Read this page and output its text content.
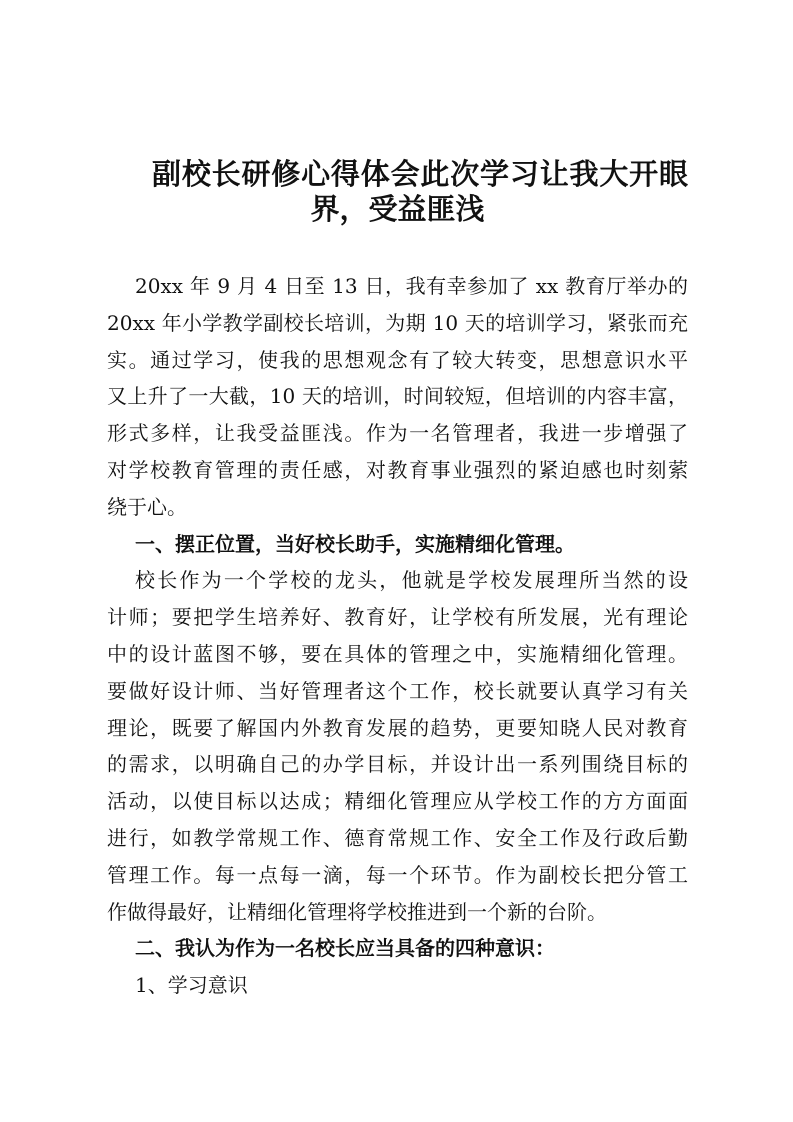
副校长研修心得体会此次学习让我大开眼
界，受益匪浅
20xx 年 9 月 4 日至 13 日，我有幸参加了 xx 教育厅举办的
20xx 年小学教学副校长培训，为期 10 天的培训学习，紧张而充
实。通过学习，使我的思想观念有了较大转变，思想意识水平
又上升了一大截，10 天的培训，时间较短，但培训的内容丰富，
形式多样，让我受益匪浅。作为一名管理者，我进一步增强了
对学校教育管理的责任感，对教育事业强烈的紧迫感也时刻萦
绕于心。
一、摆正位置，当好校长助手，实施精细化管理。
校长作为一个学校的龙头，他就是学校发展理所当然的设
计师；要把学生培养好、教育好，让学校有所发展，光有理论
中的设计蓝图不够，要在具体的管理之中，实施精细化管理。
要做好设计师、当好管理者这个工作，校长就要认真学习有关
理论，既要了解国内外教育发展的趋势，更要知晓人民对教育
的需求，以明确自己的办学目标，并设计出一系列围绕目标的
活动，以使目标以达成；精细化管理应从学校工作的方方面面
进行，如教学常规工作、德育常规工作、安全工作及行政后勤
管理工作。每一点每一滴，每一个环节。作为副校长把分管工
作做得最好，让精细化管理将学校推进到一个新的台阶。
二、我认为作为一名校长应当具备的四种意识：
1、学习意识
